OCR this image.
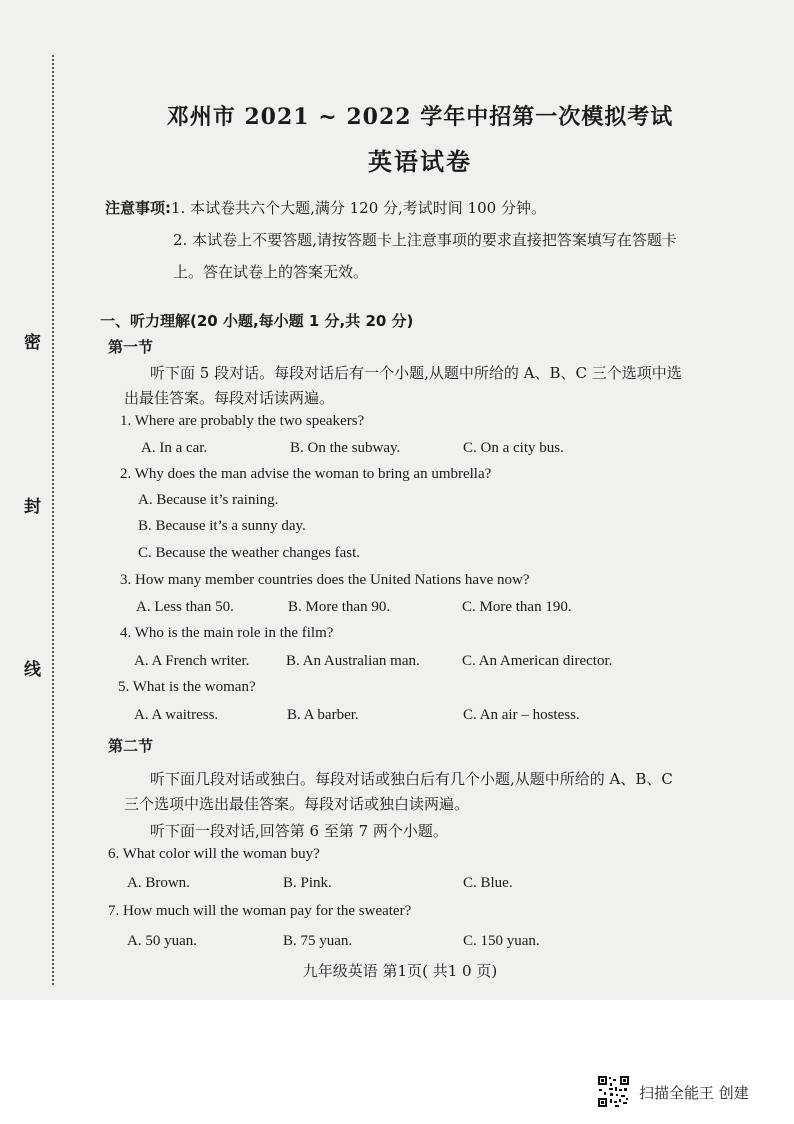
密
封
线
邓州市 2021 ~ 2022 学年中招第一次模拟考试
英语试卷
注意事项:1. 本试卷共六个大题,满分 120 分,考试时间 100 分钟。
2. 本试卷上不要答题,请按答题卡上注意事项的要求直接把答案填写在答题卡
上。答在试卷上的答案无效。
一、听力理解(20 小题,每小题 1 分,共 20 分)
第一节
听下面 5 段对话。每段对话后有一个小题,从题中所给的 A、B、C 三个选项中选
出最佳答案。每段对话读两遍。
1. Where are probably the two speakers?
A. In a car.	B. On the subway.	C. On a city bus.
2. Why does the man advise the woman to bring an umbrella?
A. Because it’s raining.
B. Because it’s a sunny day.
C. Because the weather changes fast.
3. How many member countries does the United Nations have now?
A. Less than 50.	B. More than 90.	C. More than 190.
4. Who is the main role in the film?
A. A French writer. B. An Australian man.	C. An American director.
5. What is the woman?
A. A waitress.	B. A barber.	C. An air – hostess.
第二节
听下面几段对话或独白。每段对话或独白后有几个小题,从题中所给的 A、B、C
三个选项中选出最佳答案。每段对话或独白读两遍。
听下面一段对话,回答第 6 至第 7 两个小题。
6. What color will the woman buy?
A. Brown.	B. Pink.	C. Blue.
7. How much will the woman pay for the sweater?
A. 50 yuan.	B. 75 yuan.	C. 150 yuan.
九年级英语 第1页( 共1 0 页)
扫描全能王 创建
